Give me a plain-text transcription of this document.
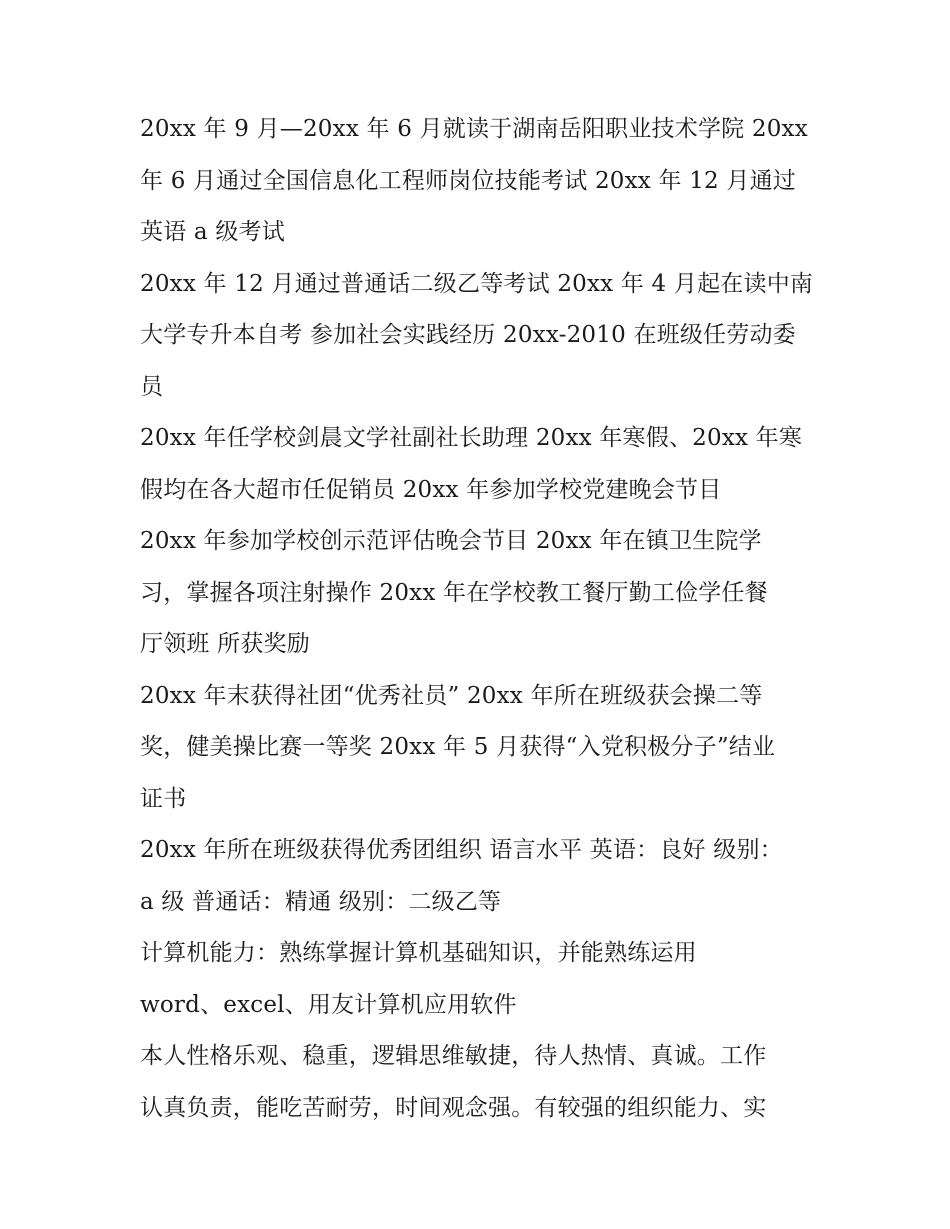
20xx 年 9 月—20xx 年 6 月就读于湖南岳阳职业技术学院 20xx
年 6 月通过全国信息化工程师岗位技能考试 20xx 年 12 月通过
英语 a 级考试
20xx 年 12 月通过普通话二级乙等考试 20xx 年 4 月起在读中南
大学专升本自考 参加社会实践经历 20xx-2010 在班级任劳动委
员
20xx 年任学校剑晨文学社副社长助理 20xx 年寒假、20xx 年寒
假均在各大超市任促销员 20xx 年参加学校党建晚会节目
20xx 年参加学校创示范评估晚会节目 20xx 年在镇卫生院学
习，掌握各项注射操作 20xx 年在学校教工餐厅勤工俭学任餐
厅领班 所获奖励
20xx 年末获得社团“优秀社员” 20xx 年所在班级获会操二等
奖，健美操比赛一等奖 20xx 年 5 月获得“入党积极分子”结业
证书
20xx 年所在班级获得优秀团组织 语言水平 英语：良好 级别：
a 级 普通话：精通 级别：二级乙等
计算机能力：熟练掌握计算机基础知识，并能熟练运用
word、excel、用友计算机应用软件
本人性格乐观、稳重，逻辑思维敏捷，待人热情、真诚。工作
认真负责，能吃苦耐劳，时间观念强。有较强的组织能力、实
